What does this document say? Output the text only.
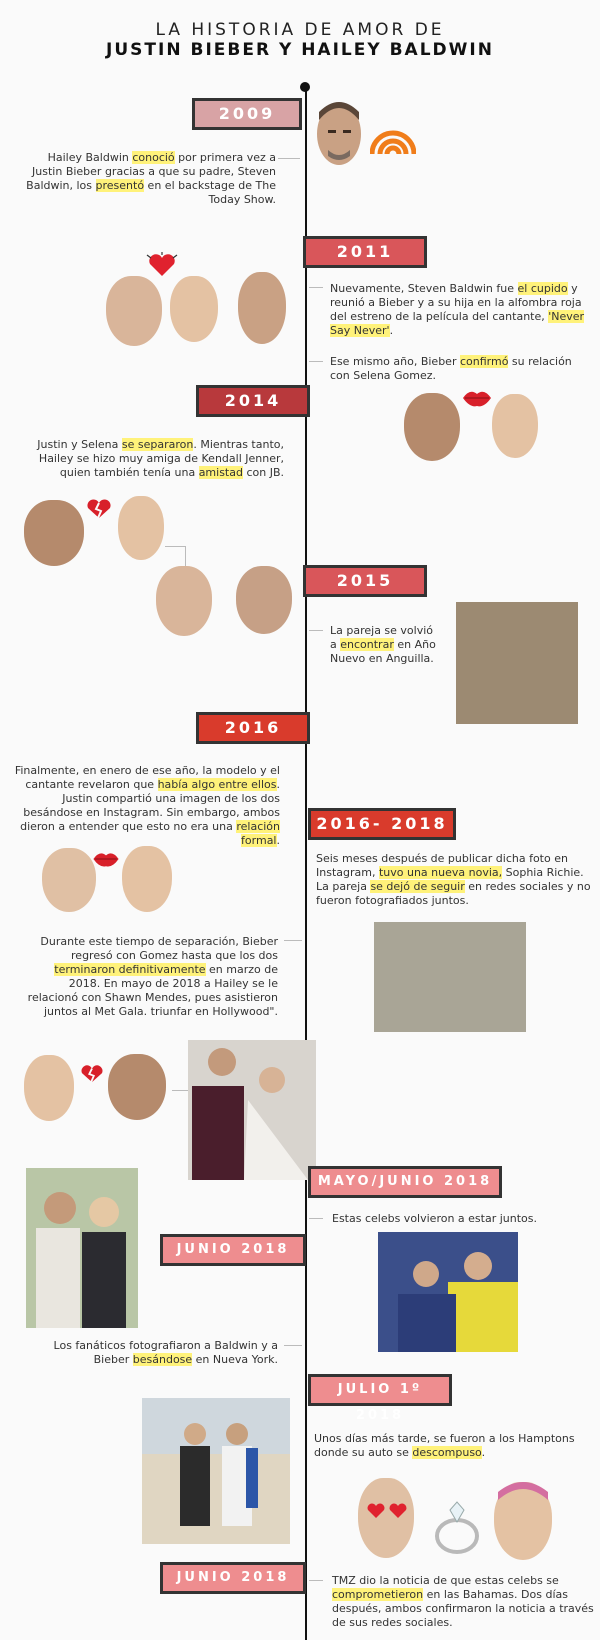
LA HISTORIA DE AMOR DE
JUSTIN BIEBER Y HAILEY BALDWIN
2009
Hailey Baldwin conoció por primera vez a Justin Bieber gracias a que su padre, Steven Baldwin, los presentó en el backstage de The Today Show.
2011
Nuevamente, Steven Baldwin fue el cupido y reunió a Bieber y a su hija en la alfombra roja del estreno de la película del cantante, 'Never Say Never'.
Ese mismo año, Bieber confirmó su relación con Selena Gomez.
2014
Justin y Selena se separaron. Mientras tanto, Hailey se hizo muy amiga de Kendall Jenner, quien también tenía una amistad con JB.
2015
La pareja se volvió a encontrar en Año Nuevo en Anguilla.
2016
Finalmente, en enero de ese año, la modelo y el cantante revelaron que había algo entre ellos. Justin compartió una imagen de los dos besándose en Instagram. Sin embargo, ambos dieron a entender que esto no era una relación formal.
2016- 2018
Seis meses después de publicar dicha foto en Instagram, tuvo una nueva novia, Sophia Richie. La pareja se dejó de seguir en redes sociales y no fueron fotografiados juntos.
Durante este tiempo de separación, Bieber regresó con Gomez hasta que los dos terminaron definitivamente en marzo de 2018. En mayo de 2018 a Hailey se le relacionó con Shawn Mendes, pues asistieron juntos al Met Gala. triunfar en Hollywood".
MAYO/JUNIO 2018
Estas celebs volvieron a estar juntos.
JUNIO 2018
Los fanáticos fotografiaron a Baldwin y a Bieber besándose en Nueva York.
JULIO 1º 2018
Unos días más tarde, se fueron a los Hamptons donde su auto se descompuso.
JUNIO 2018	TMZ dio la noticia de que estas celebs se comprometieron en las Bahamas. Dos días después, ambos confirmaron la noticia a través de sus redes sociales.
